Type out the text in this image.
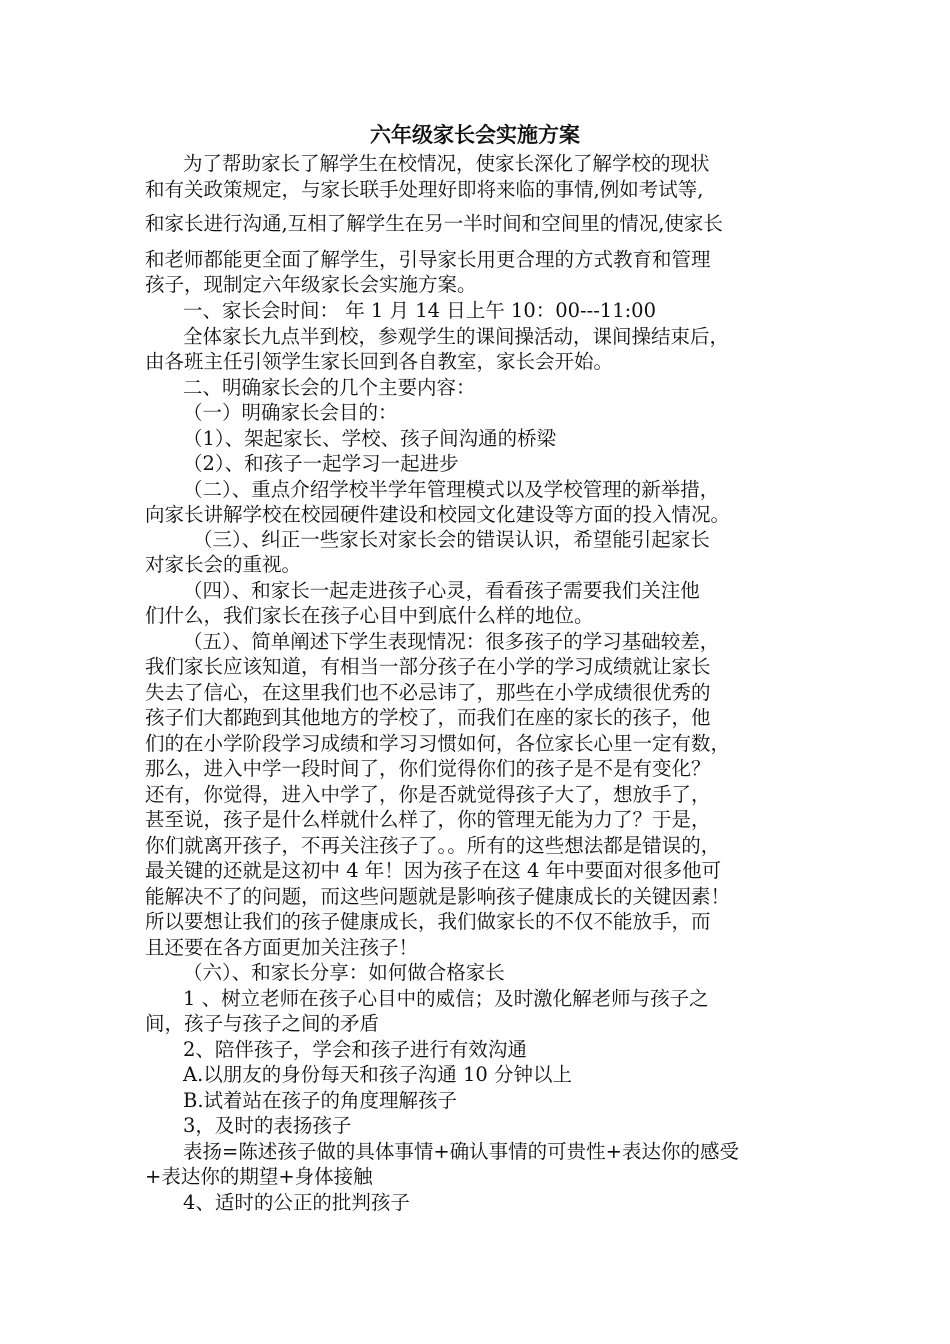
六年级家长会实施方案
为了帮助家长了解学生在校情况，使家长深化了解学校的现状
和有关政策规定，与家长联手处理好即将来临的事情,例如考试等,
和家长进行沟通,互相了解学生在另一半时间和空间里的情况,使家长
和老师都能更全面了解学生，引导家长用更合理的方式教育和管理
孩子，现制定六年级家长会实施方案。
一、家长会时间： 年 1 月 14 日上午 10：00---11:00
全体家长九点半到校，参观学生的课间操活动，课间操结束后，
由各班主任引领学生家长回到各自教室，家长会开始。
二、明确家长会的几个主要内容：
（一）明确家长会目的：
（1）、架起家长、学校、孩子间沟通的桥梁
（2）、和孩子一起学习一起进步
（二）、重点介绍学校半学年管理模式以及学校管理的新举措，
向家长讲解学校在校园硬件建设和校园文化建设等方面的投入情况。
（三）、纠正一些家长对家长会的错误认识，希望能引起家长
对家长会的重视。
（四）、和家长一起走进孩子心灵，看看孩子需要我们关注他
们什么，我们家长在孩子心目中到底什么样的地位。
（五）、简单阐述下学生表现情况：很多孩子的学习基础较差，
我们家长应该知道，有相当一部分孩子在小学的学习成绩就让家长
失去了信心，在这里我们也不必忌讳了，那些在小学成绩很优秀的
孩子们大都跑到其他地方的学校了，而我们在座的家长的孩子，他
们的在小学阶段学习成绩和学习习惯如何，各位家长心里一定有数，
那么，进入中学一段时间了，你们觉得你们的孩子是不是有变化？
还有，你觉得，进入中学了，你是否就觉得孩子大了，想放手了，
甚至说，孩子是什么样就什么样了，你的管理无能为力了？于是，
你们就离开孩子，不再关注孩子了。。所有的这些想法都是错误的，
最关键的还就是这初中 4 年！因为孩子在这 4 年中要面对很多他可
能解决不了的问题，而这些问题就是影响孩子健康成长的关键因素！
所以要想让我们的孩子健康成长，我们做家长的不仅不能放手，而
且还要在各方面更加关注孩子！
（六）、和家长分享：如何做合格家长
1 、树立老师在孩子心目中的威信；及时激化解老师与孩子之
间，孩子与孩子之间的矛盾
2、陪伴孩子，学会和孩子进行有效沟通
A.以朋友的身份每天和孩子沟通 10 分钟以上
B.试着站在孩子的角度理解孩子
3，及时的表扬孩子
表扬=陈述孩子做的具体事情+确认事情的可贵性+表达你的感受
+表达你的期望+身体接触
4、适时的公正的批判孩子
